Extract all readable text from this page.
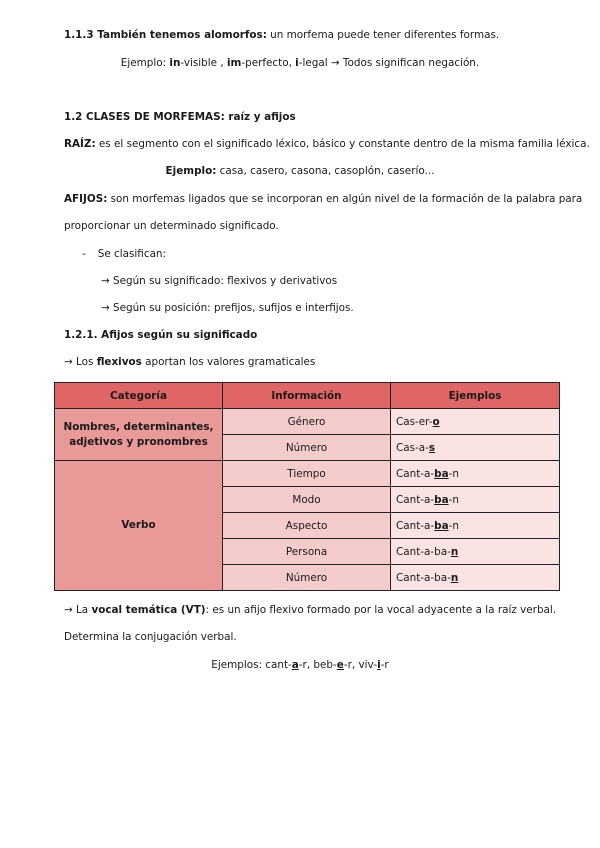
1.1.3 También tenemos alomorfos: un morfema puede tener diferentes formas.
Ejemplo: in-visible , im-perfecto, i-legal → Todos significan negación.
1.2 CLASES DE MORFEMAS: raíz y afijos
RAÍZ: es el segmento con el significado léxico, básico y constante dentro de la misma familia léxica.
Ejemplo: casa, casero, casona, casoplón, caserío...
AFIJOS: son morfemas ligados que se incorporan en algún nivel de la formación de la palabra para
proporcionar un determinado significado.
- Se clasifican:
→ Según su significado: flexivos y derivativos
→ Según su posición: prefijos, sufijos e interfijos.
1.2.1. Afijos según su significado
→ Los flexivos aportan los valores gramaticales
Categoría	Información	Ejemplos
Nombres, determinantes, adjetivos y pronombres	Género	Cas-er-o
	Número	Cas-a-s
Verbo	Tiempo	Cant-a-ba-n
	Modo	Cant-a-ba-n
	Aspecto	Cant-a-ba-n
	Persona	Cant-a-ba-n
	Número	Cant-a-ba-n
→ La vocal temática (VT): es un afijo flexivo formado por la vocal adyacente a la raíz verbal.
Determina la conjugación verbal.
Ejemplos: cant-a-r, beb-e-r, viv-i-r
